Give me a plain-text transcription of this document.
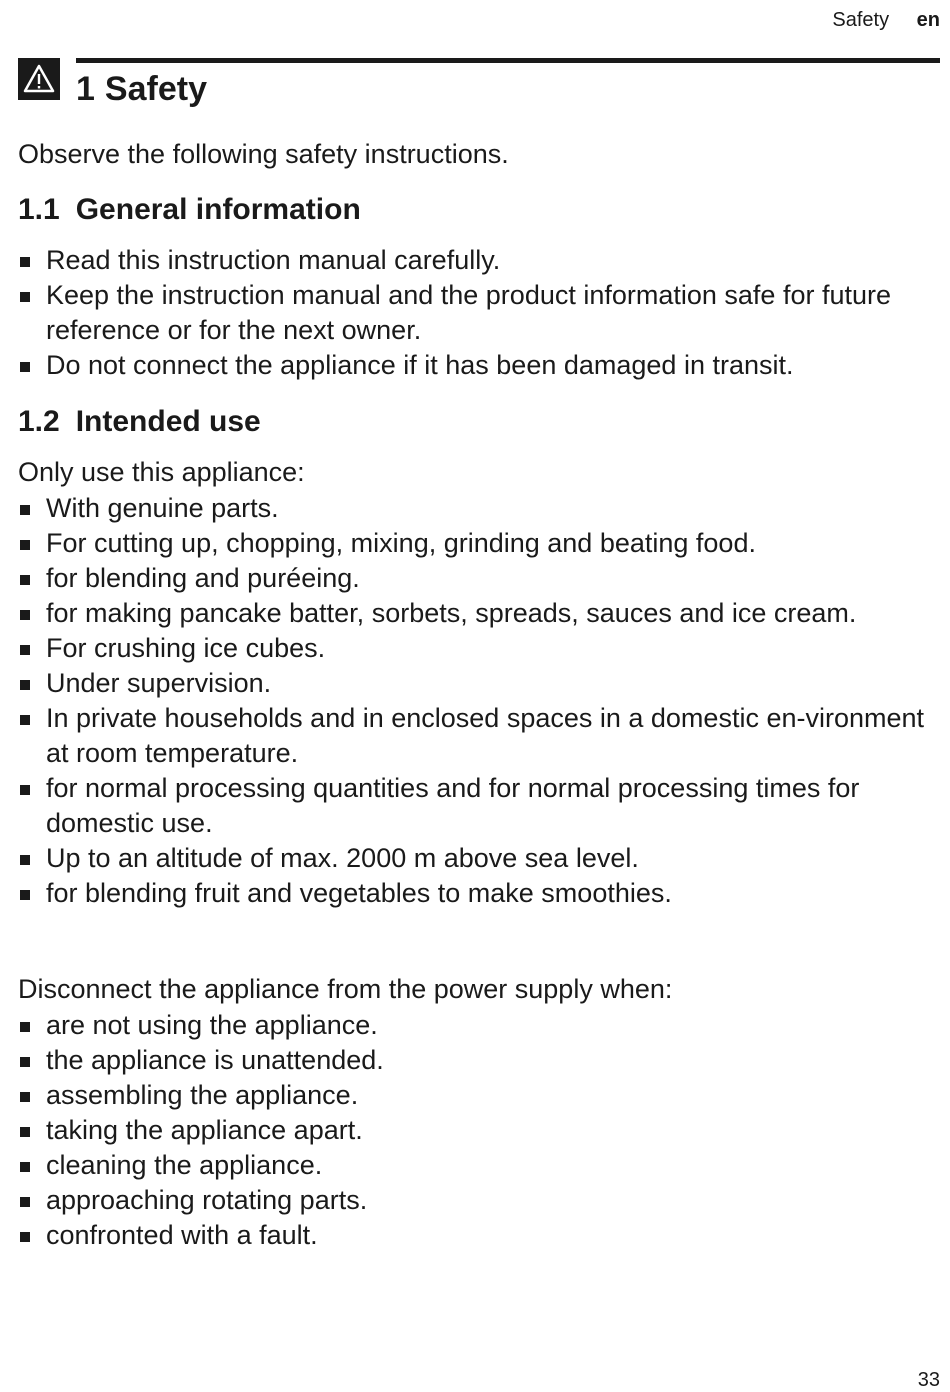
Safety en
1 Safety

Observe the following safety instructions.

1.1 General information
Read this instruction manual carefully.
Keep the instruction manual and the product information safe for future reference or for the next owner.
Do not connect the appliance if it has been damaged in transit.
1.2 Intended use

Only use this appliance:

With genuine parts.
For cutting up, chopping, mixing, grinding and beating food.
for blending and puréeing.
for making pancake batter, sorbets, spreads, sauces and ice cream.
For crushing ice cubes.
Under supervision.
In private households and in enclosed spaces in a domestic en-vironment at room temperature.
for normal processing quantities and for normal processing times for domestic use.
Up to an altitude of max. 2000 m above sea level.
for blending fruit and vegetables to make smoothies.

Disconnect the appliance from the power supply when:

are not using the appliance.
the appliance is unattended.
assembling the appliance.
taking the appliance apart.
cleaning the appliance.
approaching rotating parts.
confronted with a fault.
33
